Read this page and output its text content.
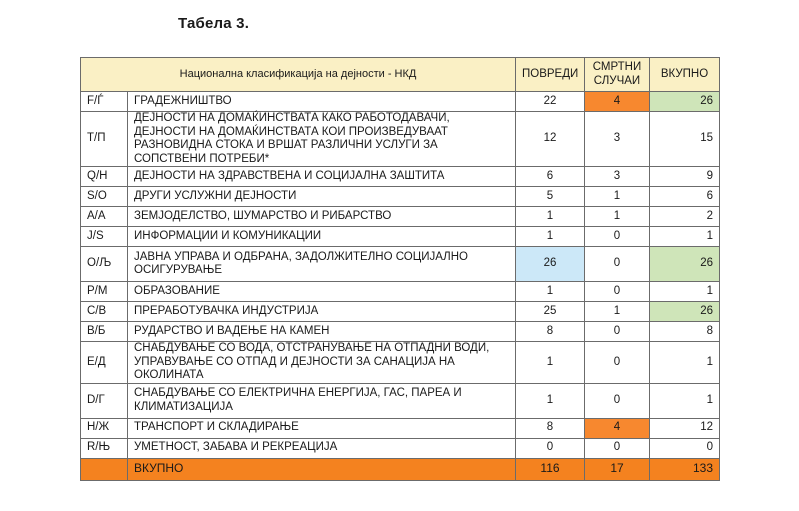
Табела 3.
Национална класификација на дејности - НКД		ПОВРЕДИ	СМРТНИ СЛУЧАИ	ВКУПНО
F/Ѓ	ГРАДЕЖНИШТВО	22	4	26
T/П	ДЕЈНОСТИ НА ДОМАЌИНСТВАТА КАКО РАБОТОДАВАЧИ, ДЕЈНОСТИ НА ДОМАЌИНСТВАТА КОИ ПРОИЗВЕДУВААТ РАЗНОВИДНА СТОКА И ВРШАТ РАЗЛИЧНИ УСЛУГИ ЗА СОПСТВЕНИ ПОТРЕБИ*	12	3	15
Q/Н	ДЕЈНОСТИ НА ЗДРАВСТВЕНА И СОЦИЈАЛНА ЗАШТИТА	6	3	9
S/О	ДРУГИ УСЛУЖНИ ДЕЈНОСТИ	5	1	6
A/А	ЗЕМЈОДЕЛСТВО, ШУМАРСТВО И РИБАРСТВО	1	1	2
J/S	ИНФОРМАЦИИ И КОМУНИКАЦИИ	1	0	1
O/Љ	ЈАВНА УПРАВА И ОДБРАНА, ЗАДОЛЖИТЕЛНО СОЦИЈАЛНО ОСИГУРУВАЊЕ	26	0	26
P/М	ОБРАЗОВАНИЕ	1	0	1
C/В	ПРЕРАБОТУВАЧКА ИНДУСТРИЈА	25	1	26
B/Б	РУДАРСТВО И ВАДЕЊЕ НА КАМЕН	8	0	8
E/Д	СНАБДУВАЊЕ СО ВОДА, ОТСТРАНУВАЊЕ НА ОТПАДНИ ВОДИ, УПРАВУВАЊЕ СО ОТПАД И ДЕЈНОСТИ ЗА САНАЦИЈА НА ОКОЛИНАТА	1	0	1
D/Г	СНАБДУВАЊЕ СО ЕЛЕКТРИЧНА ЕНЕРГИЈА, ГАС, ПАРЕА И КЛИМАТИЗАЦИЈА	1	0	1
H/Ж	ТРАНСПОРТ И СКЛАДИРАЊЕ	8	4	12
R/Њ	УМЕТНОСТ, ЗАБАВА И РЕКРЕАЦИЈА	0	0	0
	ВКУПНО	116	17	133
